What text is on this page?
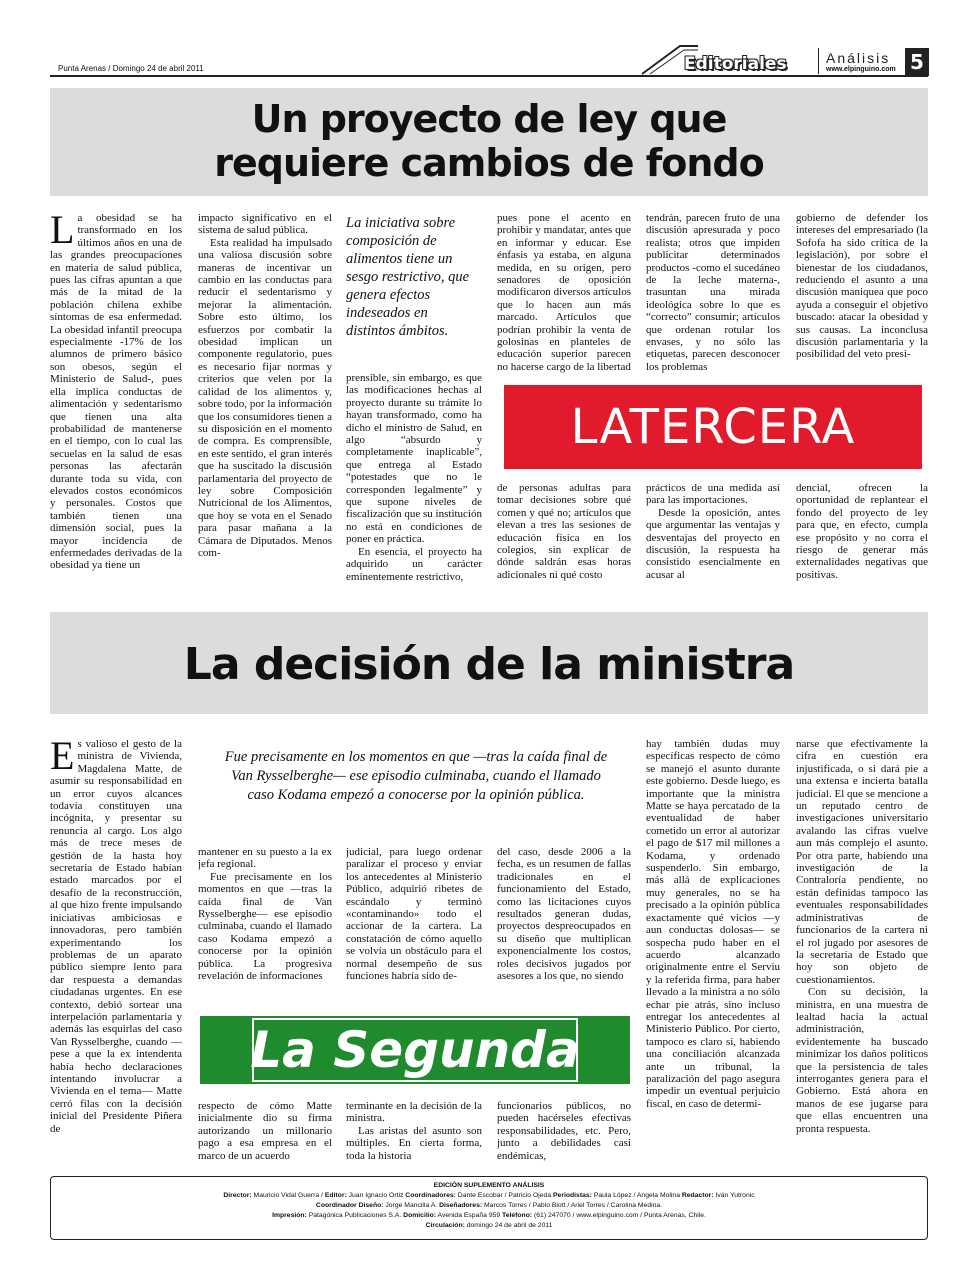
Punta Arenas / Domingo 24 de abril 2011	Editoriales	Análisis
www.elpinguino.com 5
Un proyecto de ley que
requiere cambios de fondo

La obesidad se ha transformado en los últimos años en una de las grandes preocupaciones en materia de salud pública, pues las cifras apuntan a que más de la mitad de la población chilena exhibe síntomas de esa enfermedad. La obesidad infantil preocupa especialmente -17% de los alumnos de primero básico son obesos, según el Ministerio de Salud-, pues ella implica conductas de alimentación y sedentarismo que tienen una alta probabilidad de mantenerse en el tiempo, con lo cual las secuelas en la salud de esas personas las afectarán durante toda su vida, con elevados costos económicos y personales. Costos que también tienen una dimensión social, pues la mayor incidencia de enfermedades derivadas de la obesidad ya tiene un

impacto significativo en el sistema de salud pública.

Esta realidad ha impulsado una valiosa discusión sobre maneras de incentivar un cambio en las conductas para reducir el sedentarismo y mejorar la alimentación. Sobre esto último, los esfuerzos por combatir la obesidad implican un componente regulatorio, pues es necesario fijar normas y criterios que velen por la calidad de los alimentos y, sobre todo, por la información que los consumidores tienen a su disposición en el momento de compra. Es comprensible, en este sentido, el gran interés que ha suscitado la discusión parlamentaria del proyecto de ley sobre Composición Nutricional de los Alimentos, que hoy se vota en el Senado para pasar mañana a la Cámara de Diputados. Menos com-

La iniciativa sobre composición de alimentos tiene un sesgo restrictivo, que genera efectos indeseados en distintos ámbitos.

prensible, sin embargo, es que las modificaciones hechas al proyecto durante su trámite lo hayan transformado, como ha dicho el ministro de Salud, en algo “absurdo y completamente inaplicable”, que entrega al Estado “potestades que no le corresponden legalmente” y que supone niveles de fiscalización que su institución no está en condiciones de poner en práctica.

En esencia, el proyecto ha adquirido un carácter eminentemente restrictivo,

pues pone el acento en prohibir y mandatar, antes que en informar y educar. Ese énfasis ya estaba, en alguna medida, en su origen, pero senadores de oposición modificaron diversos artículos que lo hacen aun más marcado. Artículos que podrían prohibir la venta de golosinas en planteles de educación superior parecen no hacerse cargo de la libertad

tendrán, parecen fruto de una discusión apresurada y poco realista; otros que impiden publicitar determinados productos -como el sucedáneo de la leche materna-, trasuntan una mirada ideológica sobre lo que es “correcto” consumir; artículos que ordenan rotular los envases, y no sólo las etiquetas, parecen desconocer los problemas

gobierno de defender los intereses del empresariado (la Sofofa ha sido crítica de la legislación), por sobre el bienestar de los ciudadanos, reduciendo el asunto a una discusión maniquea que poco ayuda a conseguir el objetivo buscado: atacar la obesidad y sus causas. La inconclusa discusión parlamentaria y la posibilidad del veto presi-

LATERCERA

de personas adultas para tomar decisiones sobre qué comen y qué no; artículos que elevan a tres las sesiones de educación física en los colegios, sin explicar de dónde saldrán esas horas adicionales ni qué costo

prácticos de una medida así para las importaciones.

Desde la oposición, antes que argumentar las ventajas y desventajas del proyecto en discusión, la respuesta ha consistido esencialmente en acusar al

dencial, ofrecen la oportunidad de replantear el fondo del proyecto de ley para que, en efecto, cumpla ese propósito y no corra el riesgo de generar más externalidades negativas que positivas.

La decisión de la ministra

Es valioso el gesto de la ministra de Vivienda, Magdalena Matte, de asumir su responsabilidad en un error cuyos alcances todavía constituyen una incógnita, y presentar su renuncia al cargo. Los algo más de trece meses de gestión de la hasta hoy secretaria de Estado habían estado marcados por el desafío de la reconstrucción, al que hizo frente impulsando iniciativas ambiciosas e innovadoras, pero también experimentando los problemas de un aparato público siempre lento para dar respuesta a demandas ciudadanas urgentes. En ese contexto, debió sortear una interpelación parlamentaria y además las esquirlas del caso Van Rysselberghe, cuando —pese a que la ex intendenta había hecho declaraciones intentando involucrar a Vivienda en el tema— Matte cerró filas con la decisión inicial del Presidente Piñera de

Fue precisamente en los momentos en que —tras la caída final de Van Rysselberghe— ese episodio culminaba, cuando el llamado caso Kodama empezó a conocerse por la opinión pública.

mantener en su puesto a la ex jefa regional.

Fue precisamente en los momentos en que —tras la caída final de Van Rysselberghe— ese episodio culminaba, cuando el llamado caso Kodama empezó a conocerse por la opinión pública. La progresiva revelación de informaciones

judicial, para luego ordenar paralizar el proceso y enviar los antecedentes al Ministerio Público, adquirió ribetes de escándalo y terminó «contaminando» todo el accionar de la cartera. La constatación de cómo aquello se volvía un obstáculo para el normal desempeño de sus funciones habría sido de-

del caso, desde 2006 a la fecha, es un resumen de fallas tradicionales en el funcionamiento del Estado, como las licitaciones cuyos resultados generan dudas, proyectos despreocupados en su diseño que multiplican exponencialmente los costos, roles decisivos jugados por asesores a los que, no siendo

La Segunda

respecto de cómo Matte inicialmente dio su firma autorizando un millonario pago a esa empresa en el marco de un acuerdo

terminante en la decisión de la ministra.

Las aristas del asunto son múltiples. En cierta forma, toda la historia

funcionarios públicos, no pueden hacérseles efectivas responsabilidades, etc. Pero, junto a debilidades casi endémicas,

hay también dudas muy específicas respecto de cómo se manejó el asunto durante este gobierno. Desde luego, es importante que la ministra Matte se haya percatado de la eventualidad de haber cometido un error al autorizar el pago de $17 mil millones a Kodama, y ordenado suspenderlo. Sin embargo, más allá de explicaciones muy generales, no se ha precisado a la opinión pública exactamente qué vicios —y aun conductas dolosas— se sospecha pudo haber en el acuerdo alcanzado originalmente entre el Serviu y la referida firma, para haber llevado a la ministra a no sólo echar pie atrás, sino incluso entregar los antecedentes al Ministerio Público. Por cierto, tampoco es claro si, habiendo una conciliación alcanzada ante un tribunal, la paralización del pago asegura impedir un eventual perjuicio fiscal, en caso de determi-

narse que efectivamente la cifra en cuestión era injustificada, o si dará pie a una extensa e incierta batalla judicial. El que se mencione a un reputado centro de investigaciones universitario avalando las cifras vuelve aun más complejo el asunto. Por otra parte, habiendo una investigación de la Contraloría pendiente, no están definidas tampoco las eventuales responsabilidades administrativas de funcionarios de la cartera ni el rol jugado por asesores de la secretaría de Estado que hoy son objeto de cuestionamientos.

Con su decisión, la ministra, en una muestra de lealtad hacia la actual administración, evidentemente ha buscado minimizar los daños políticos que la persistencia de tales interrogantes genera para el Gobierno. Está ahora en manos de ese jugarse para que ellas encuentren una pronta respuesta.

EDICIÓN SUPLEMENTO ANÁLISIS
Director: Mauricio Vidal Guerra / Editor: Juan Ignacio Ortiz Coordinadores: Dante Escobar / Patricio Ojeda Periodistas: Paula López / Angela Molina Redactor: Iván Yutronic
Coordinador Diseño: Jorge Mancilla A. Diseñadores: Marcos Torres / Pablo Biott / Ariel Torres / Carolina Medina.
Impresión: Patagónica Publicaciones S.A. Domicilio: Avenida España 959 Teléfono: (61) 247070 / www.elpinguino.com / Punta Arenas, Chile.
Circulación: domingo 24 de abril de 2011
